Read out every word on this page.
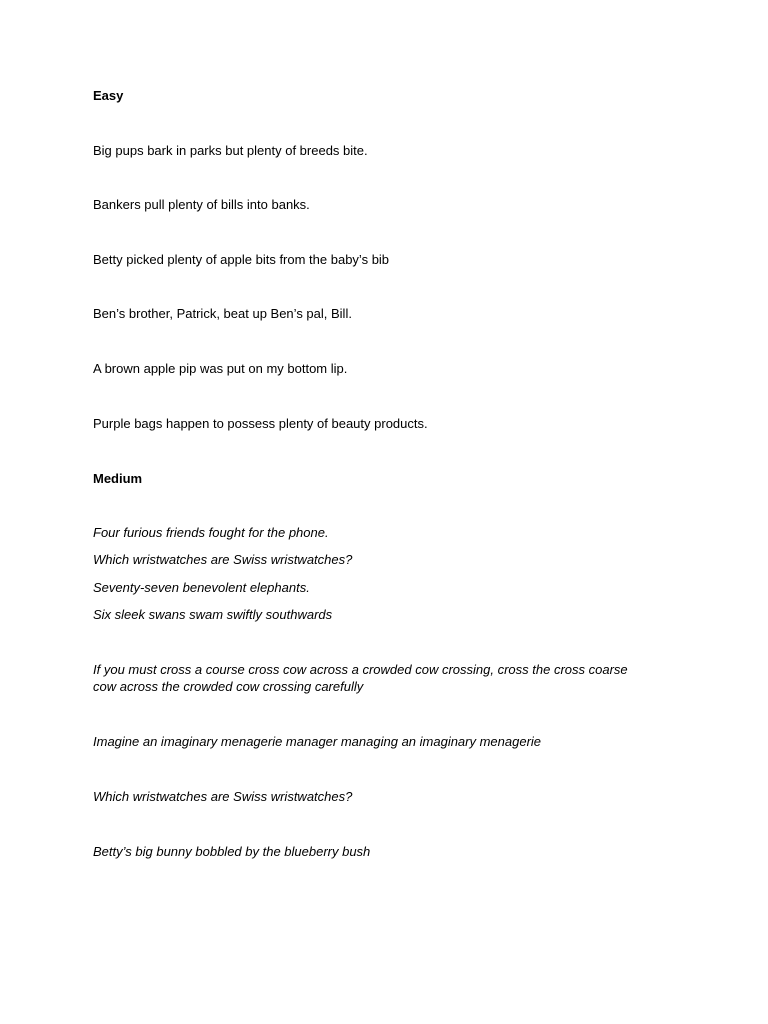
Easy
Big pups bark in parks but plenty of breeds bite.
Bankers pull plenty of bills into banks.
Betty picked plenty of apple bits from the baby’s bib
Ben’s brother, Patrick, beat up Ben’s pal, Bill.
A brown apple pip was put on my bottom lip.
Purple bags happen to possess plenty of beauty products.
Medium
Four furious friends fought for the phone.
Which wristwatches are Swiss wristwatches?
Seventy-seven benevolent elephants.
Six sleek swans swam swiftly southwards
If you must cross a course cross cow across a crowded cow crossing, cross the cross coarse cow across the crowded cow crossing carefully
Imagine an imaginary menagerie manager managing an imaginary menagerie
Which wristwatches are Swiss wristwatches?
Betty’s big bunny bobbled by the blueberry bush
